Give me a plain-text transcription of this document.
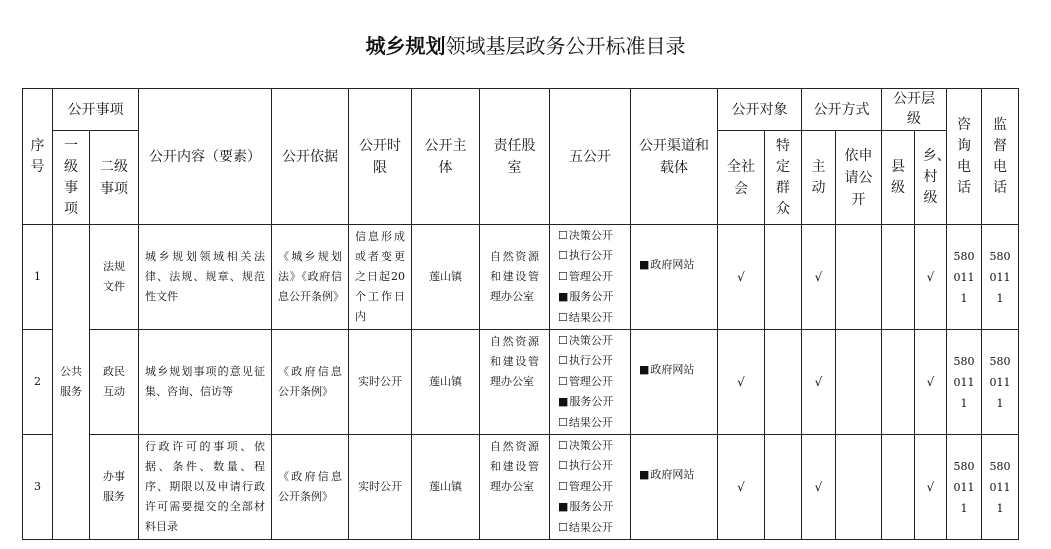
城乡规划领域基层政务公开标准目录
序号	公开事项		公开内容（要素）	公开依据	公开时限	公开主体	责任股室	五公开	公开渠道和载体	公开对象		公开方式		公开层级		咨询电话	监督电话
	一级事项	二级事项								全社会	特定群众	主动	依申请公开	县级	乡、村级		
1	公共服务	法规文件	城乡规划领域相关法律、法规、规章、规范性文件	《城乡规划法》《政府信息公开条例》	信息形成或者变更之日起20个工作日内	莲山镇	自然资源和建设管理办公室	☐决策公开
☐执行公开
☐管理公开
■服务公开
☐结果公开	■政府网站	√		√			√	5800111	5800111
2		政民互动	城乡规划事项的意见征集、咨询、信访等	《政府信息公开条例》	实时公开	莲山镇	自然资源和建设管理办公室	☐决策公开
☐执行公开
☐管理公开
■服务公开
☐结果公开	■政府网站	√		√			√	5800111	5800111
3		办事服务	行政许可的事项、依据、条件、数量、程序、期限以及申请行政许可需要提交的全部材料目录	《政府信息公开条例》	实时公开	莲山镇	自然资源和建设管理办公室	☐决策公开
☐执行公开
☐管理公开
■服务公开
☐结果公开	■政府网站	√		√			√	5800111	5800111
